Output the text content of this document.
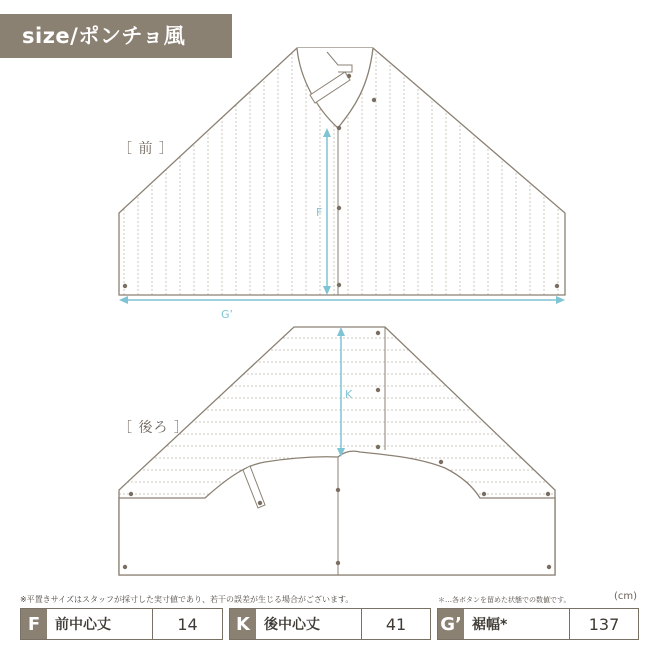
size/ポンチョ風
［ 前 ］
［ 後ろ ］
F
G’
K
※平置きサイズはスタッフが採寸した実寸値であり、若干の誤差が生じる場合がございます。	＊…各ボタンを留めた状態での数値です。	(cm)
F	前中心丈	14	K	後中心丈	41	G’ 裾幅*	137
